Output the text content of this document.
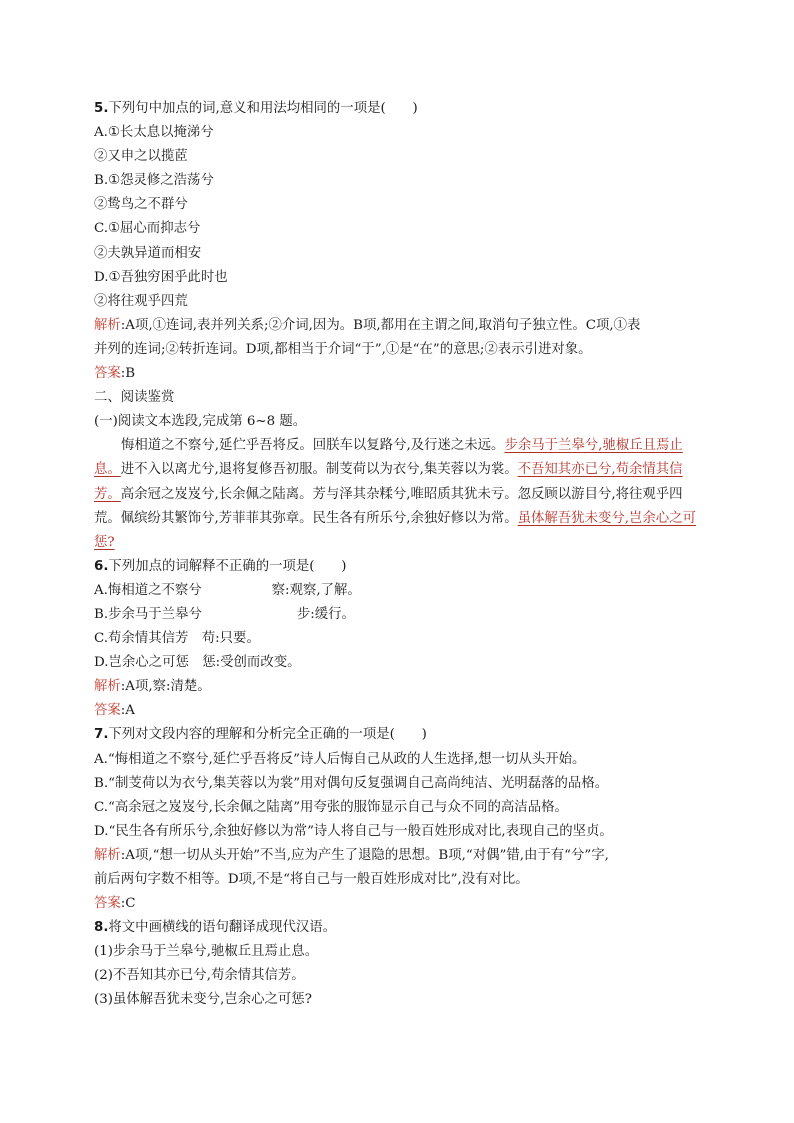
5.下列句中加点的词,意义和用法均相同的一项是(　　)
A.①长太息以掩涕兮
②又申之以揽茝
B.①怨灵修之浩荡兮
②鸷鸟之不群兮
C.①屈心而抑志兮
②夫孰异道而相安
D.①吾独穷困乎此时也
②将往观乎四荒
解析:A项,①连词,表并列关系;②介词,因为。B项,都用在主谓之间,取消句子独立性。C项,①表
并列的连词;②转折连词。D项,都相当于介词“于”,①是“在”的意思;②表示引进对象。
答案:B
二、阅读鉴赏
(一)阅读文本选段,完成第 6~8 题。
悔相道之不察兮,延伫乎吾将反。回朕车以复路兮,及行迷之未远。步余马于兰皋兮,驰椒丘且焉止息。进不入以离尤兮,退将复修吾初服。制芰荷以为衣兮,集芙蓉以为裳。不吾知其亦已兮,苟余情其信芳。高余冠之岌岌兮,长余佩之陆离。芳与泽其杂糅兮,唯昭质其犹未亏。忽反顾以游目兮,将往观乎四荒。佩缤纷其繁饰兮,芳菲菲其弥章。民生各有所乐兮,余独好修以为常。虽体解吾犹未变兮,岂余心之可惩?
6.下列加点的词解释不正确的一项是(　　)
A.悔相道之不察兮	察:观察,了解。
B.步余马于兰皋兮	步:缓行。
C.苟余情其信芳　苟:只要。
D.岂余心之可惩　惩:受创而改变。
解析:A项,察:清楚。
答案:A
7.下列对文段内容的理解和分析完全正确的一项是(　　)
A.“悔相道之不察兮,延伫乎吾将反”诗人后悔自己从政的人生选择,想一切从头开始。
B.“制芰荷以为衣兮,集芙蓉以为裳”用对偶句反复强调自己高尚纯洁、光明磊落的品格。
C.“高余冠之岌岌兮,长余佩之陆离”用夸张的服饰显示自己与众不同的高洁品格。
D.“民生各有所乐兮,余独好修以为常”诗人将自己与一般百姓形成对比,表现自己的坚贞。
解析:A项,“想一切从头开始”不当,应为产生了退隐的思想。B项,“对偶”错,由于有“兮”字,
前后两句字数不相等。D项,不是“将自己与一般百姓形成对比”,没有对比。
答案:C
8.将文中画横线的语句翻译成现代汉语。
(1)步余马于兰皋兮,驰椒丘且焉止息。
(2)不吾知其亦已兮,苟余情其信芳。
(3)虽体解吾犹未变兮,岂余心之可惩?
